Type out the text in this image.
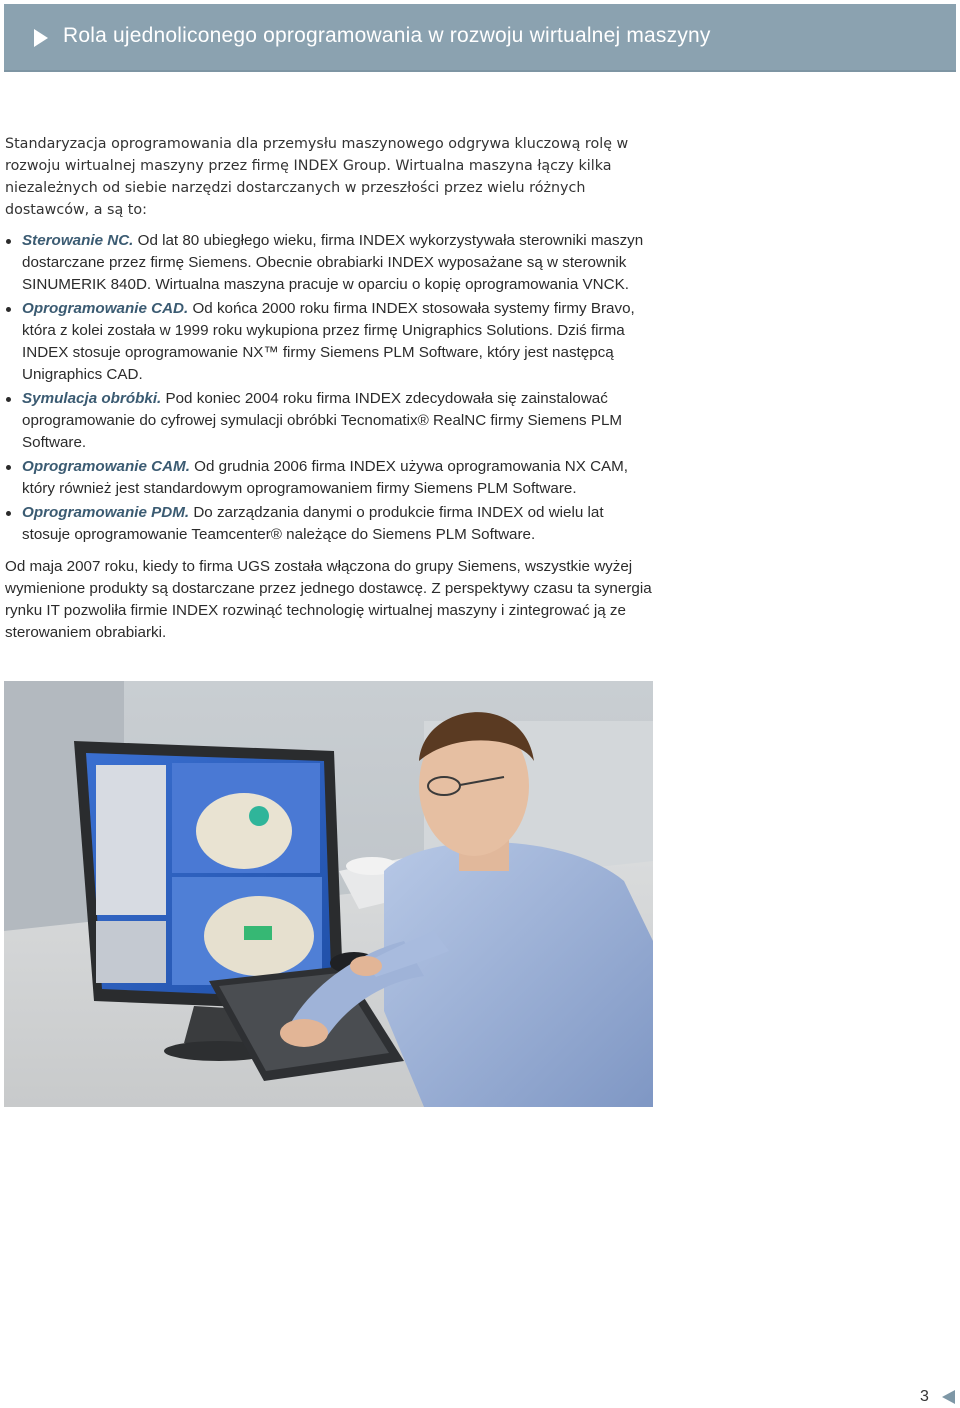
Rola ujednoliconego oprogramowania w rozwoju wirtualnej maszyny

Standaryzacja oprogramowania dla przemysłu maszynowego odgrywa kluczową rolę w rozwoju wirtualnej maszyny przez firmę INDEX Group. Wirtualna maszyna łączy kilka niezależnych od siebie narzędzi dostarczanych w przeszłości przez wielu różnych dostawców, a są to:

Sterowanie NC. Od lat 80 ubiegłego wieku, firma INDEX wykorzystywała sterowniki maszyn dostarczane przez firmę Siemens. Obecnie obrabiarki INDEX wyposażane są w sterownik SINUMERIK 840D. Wirtualna maszyna pracuje w oparciu o kopię oprogramowania VNCK.
Oprogramowanie CAD. Od końca 2000 roku firma INDEX stosowała systemy firmy Bravo, która z kolei została w 1999 roku wykupiona przez firmę Unigraphics Solutions. Dziś firma INDEX stosuje oprogramowanie NX™ firmy Siemens PLM Software, który jest następcą Unigraphics CAD.
Symulacja obróbki. Pod koniec 2004 roku firma INDEX zdecydowała się zainstalować oprogramowanie do cyfrowej symulacji obróbki Tecnomatix® RealNC firmy Siemens PLM Software.
Oprogramowanie CAM. Od grudnia 2006 firma INDEX używa oprogramowania NX CAM, który również jest standardowym oprogramowaniem firmy Siemens PLM Software.
Oprogramowanie PDM. Do zarządzania danymi o produkcie firma INDEX od wielu lat stosuje oprogramowanie Teamcenter® należące do Siemens PLM Software.

Od maja 2007 roku, kiedy to firma UGS została włączona do grupy Siemens, wszystkie wyżej wymienione produkty są dostarczane przez jednego dostawcę. Z perspektywy czasu ta synergia rynku IT pozwoliła firmie INDEX rozwinąć technologię wirtualnej maszyny i zintegrować ją ze sterowaniem obrabiarki.

3
